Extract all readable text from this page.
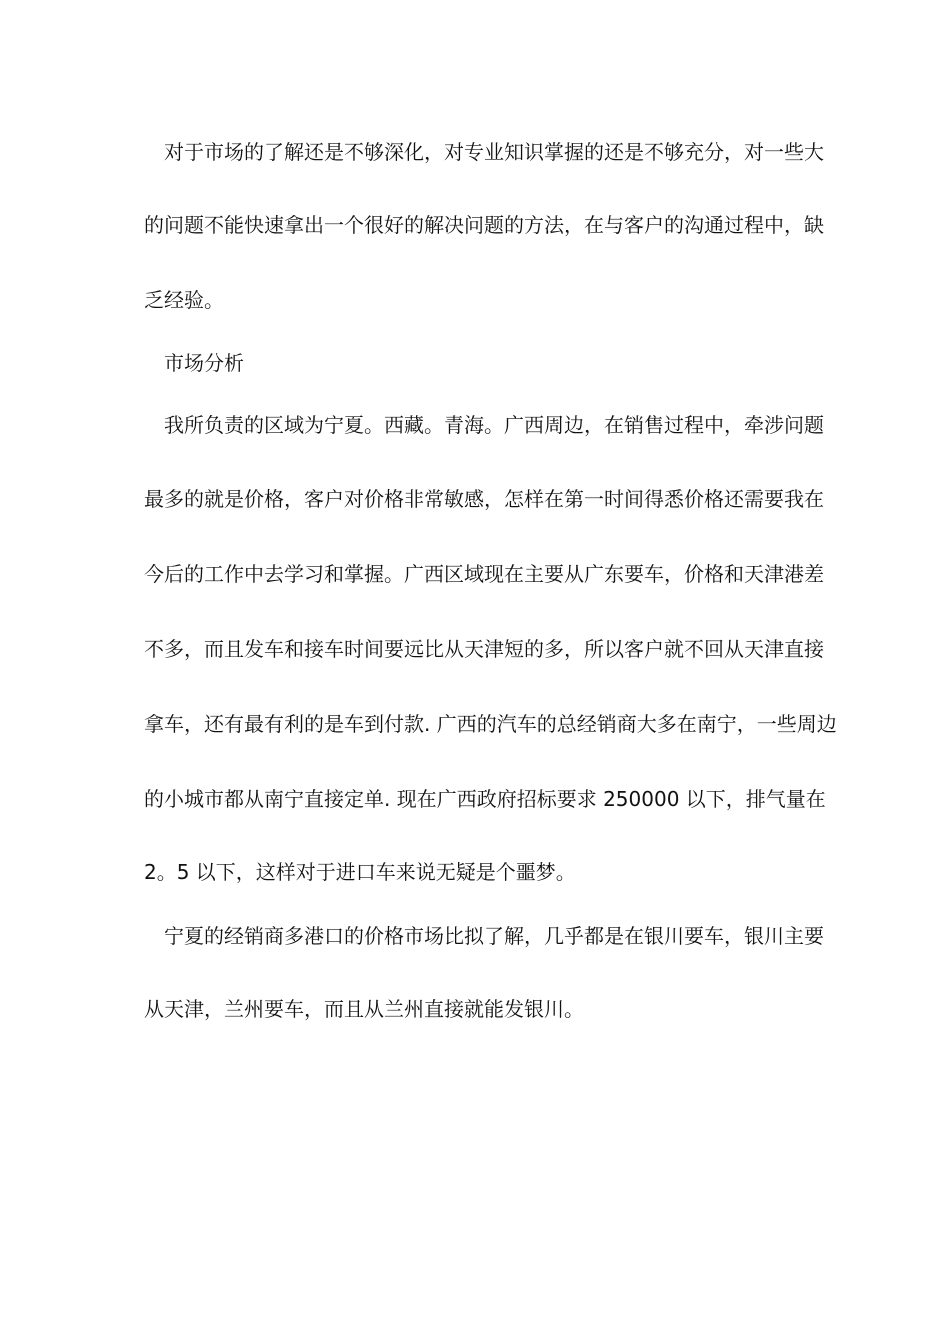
对于市场的了解还是不够深化，对专业知识掌握的还是不够充分，对一些大
的问题不能快速拿出一个很好的解决问题的方法，在与客户的沟通过程中，缺
乏经验。
市场分析
我所负责的区域为宁夏。西藏。青海。广西周边，在销售过程中，牵涉问题
最多的就是价格，客户对价格非常敏感，怎样在第一时间得悉价格还需要我在
今后的工作中去学习和掌握。广西区域现在主要从广东要车，价格和天津港差
不多，而且发车和接车时间要远比从天津短的多，所以客户就不回从天津直接
拿车，还有最有利的是车到付款. 广西的汽车的总经销商大多在南宁，一些周边
的小城市都从南宁直接定单. 现在广西政府招标要求 250000 以下，排气量在
2。5 以下，这样对于进口车来说无疑是个噩梦。
宁夏的经销商多港口的价格市场比拟了解，几乎都是在银川要车，银川主要
从天津，兰州要车，而且从兰州直接就能发银川。
